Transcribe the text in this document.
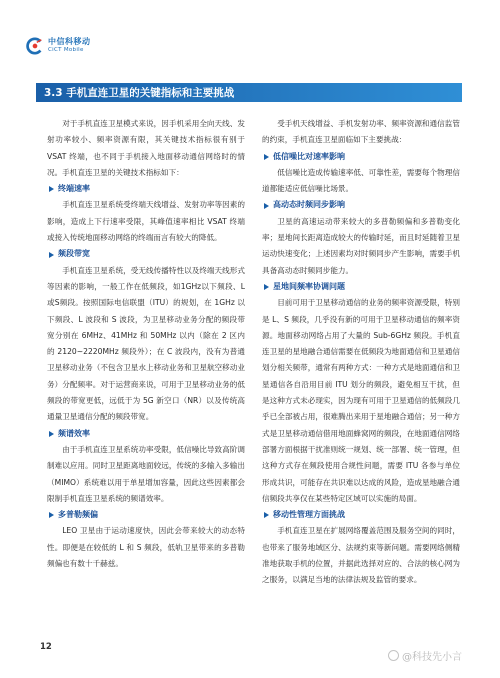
中信科移动
CiCT Mobile
3.3 手机直连卫星的关键指标和主要挑战

对于手机直连卫星模式来说，因手机采用全向天线、发射功率较小、频率资源有限，其关键技术指标很有别于 VSAT 终端，也不同于手机接入地面移动通信网络时的情况。手机直连卫星的关键技术指标如下：

终端速率

手机直连卫星系统受终端天线增益、发射功率等因素的影响，造成上下行速率受限，其峰值速率相比 VSAT 终端或接入传统地面移动网络的终端而言有较大的降低。

频段带宽

手机直连卫星系统，受无线传播特性以及终端天线形式等因素的影响，一般工作在低频段，如1GHz以下频段、L或S频段。按照国际电信联盟（ITU）的规划，在 1GHz 以下频段、L 波段和 S 波段，为卫星移动业务分配的频段带宽分别在 6MHz、41MHz 和 50MHz 以内（除在 2 区内的 2120~2220MHz 频段外）；在 C 波段内，没有为普通卫星移动业务（不包含卫星水上移动业务和卫星航空移动业务）分配频率。对于运营商来说，可用于卫星移动业务的低频段的带宽更低，远低于为 5G 新空口（NR）以及传统高通量卫星通信分配的频段带宽。

频谱效率

由于手机直连卫星系统功率受限，低信噪比导致高阶调制难以应用。同时卫星距离地面较远，传统的多输入多输出（MIMO）系统难以用于单星增加容量，因此这些因素都会限制手机直连卫星系统的频谱效率。

多普勒频偏

LEO 卫星由于运动速度快，因此会带来较大的动态特性。即便是在较低的 L 和 S 频段，低轨卫星带来的多普勒频偏也有数十千赫兹。

受手机天线增益、手机发射功率、频率资源和通信监管的约束，手机直连卫星面临如下主要挑战：

低信噪比对速率影响

低信噪比造成传输速率低、可靠性差，需要每个物理信道都能适应低信噪比场景。

高动态时频同步影响

卫星的高速运动带来较大的多普勒频偏和多普勒变化率；星地间长距离造成较大的传输时延，而且时延随着卫星运动快速变化；上述因素均对时频同步产生影响，需要手机具备高动态时频同步能力。

星地间频率协调问题

目前可用于卫星移动通信的业务的频率资源受限，特别是 L、S 频段，几乎没有新的可用于卫星移动通信的频率资源。地面移动网络占用了大量的 Sub-6GHz 频段。手机直连卫星的星地融合通信需要在低频段为地面通信和卫星通信划分相关频带，通常有两种方式：一种方式是地面通信和卫星通信各自沿用目前 ITU 划分的频段，避免相互干扰，但是这种方式未必现实，因为现有可用于卫星通信的低频段几乎已全部被占用，很难腾出来用于星地融合通信；另一种方式是卫星移动通信借用地面蜂窝网的频段，在地面通信网络部署方面根据干扰准则统一规划、统一部署、统一管理，但这种方式存在频段使用合规性问题，需要 ITU 各参与单位形成共识，可能存在共识难以达成的风险，造成星地融合通信频段共享仅在某些特定区域可以实施的局面。

移动性管理方面挑战

手机直连卫星在扩展网络覆盖范围及服务空间的同时，也带来了服务地域区分、法规约束等新问题。需要网络侧精准地获取手机的位置，并据此选择对应的、合法的核心网为之服务，以满足当地的法律法规及监管的要求。

12
@科技先小言
